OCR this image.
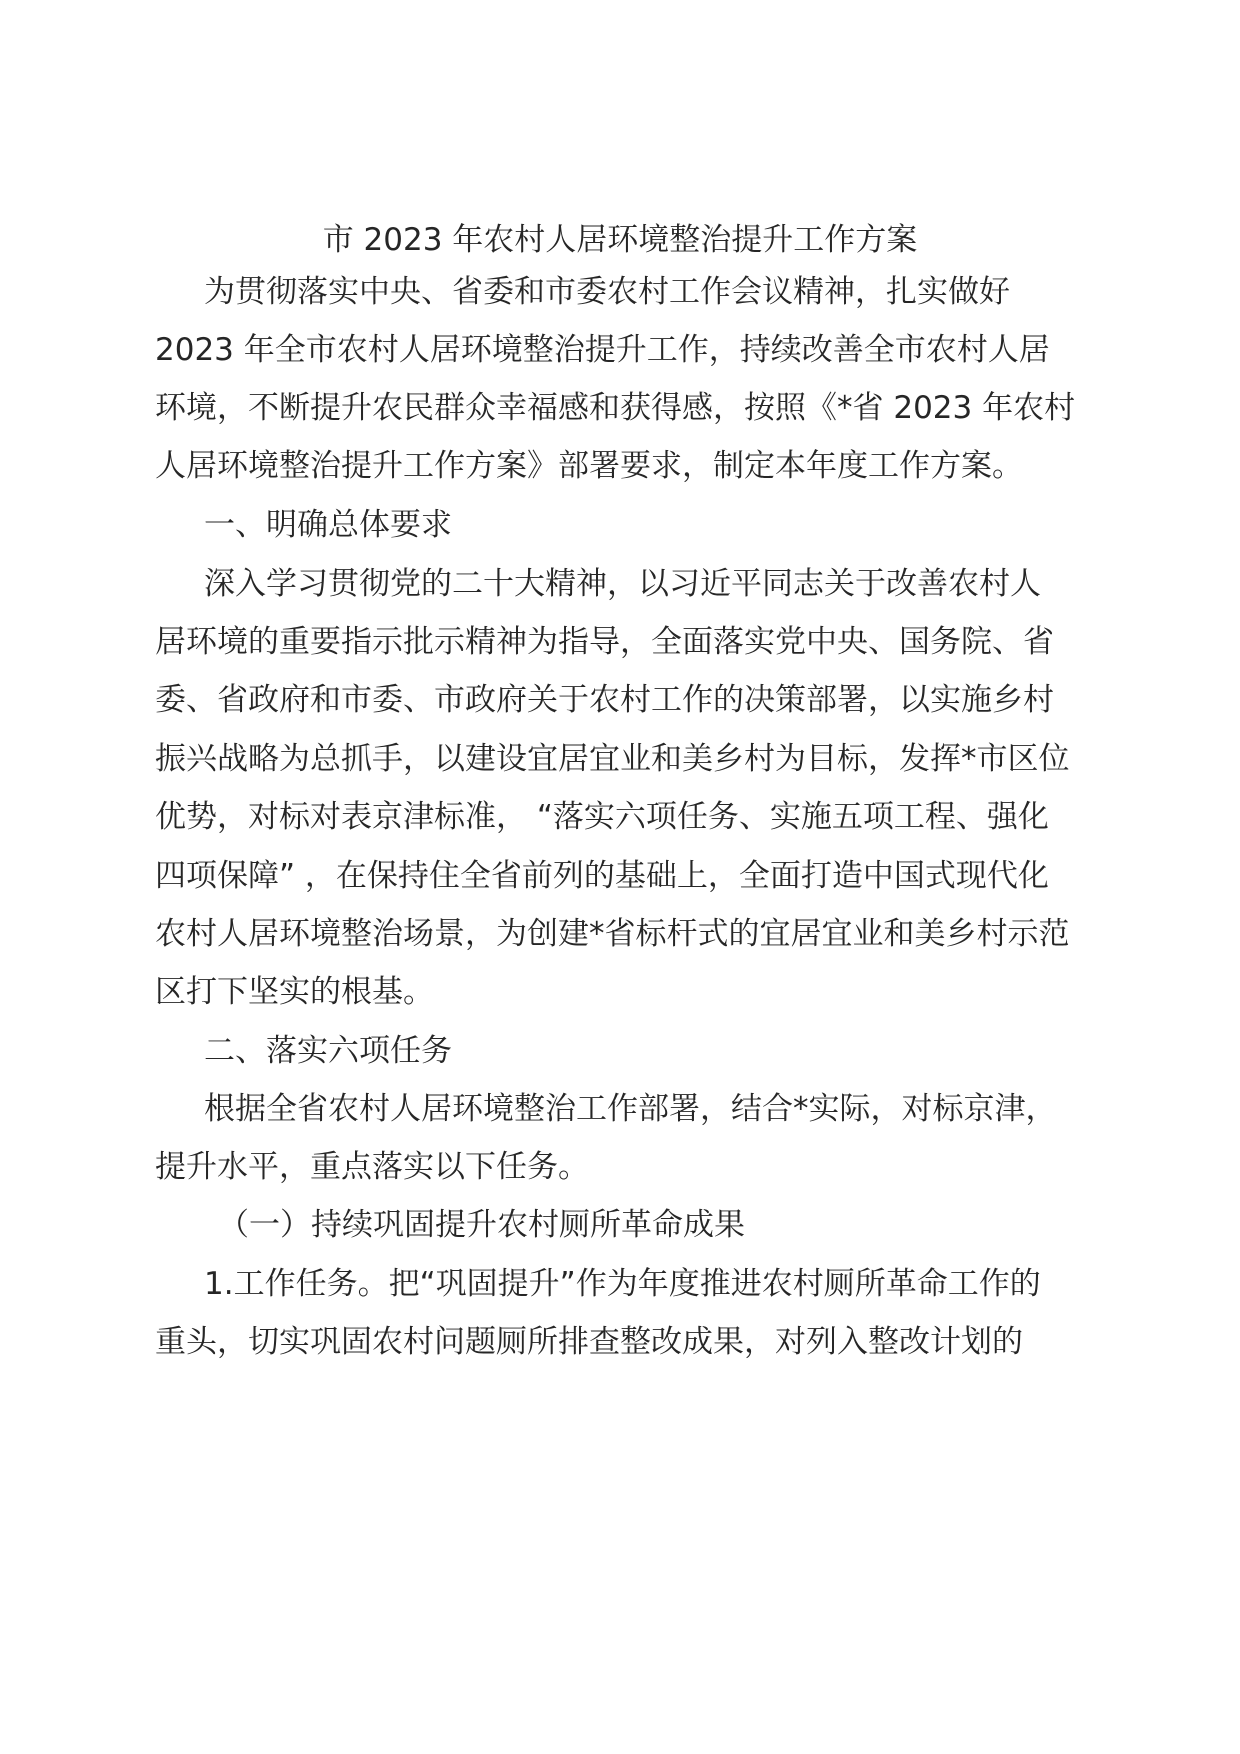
市 2023 年农村人居环境整治提升工作方案
为贯彻落实中央、省委和市委农村工作会议精神，扎实做好
2023 年全市农村人居环境整治提升工作，持续改善全市农村人居
环境，不断提升农民群众幸福感和获得感，按照《*省 2023 年农村
人居环境整治提升工作方案》部署要求，制定本年度工作方案。
一、明确总体要求
深入学习贯彻党的二十大精神，以习近平同志关于改善农村人
居环境的重要指示批示精神为指导，全面落实党中央、国务院、省
委、省政府和市委、市政府关于农村工作的决策部署，以实施乡村
振兴战略为总抓手，以建设宜居宜业和美乡村为目标，发挥*市区位
优势，对标对表京津标准， “落实六项任务、实施五项工程、强化
四项保障” ，在保持住全省前列的基础上，全面打造中国式现代化
农村人居环境整治场景，为创建*省标杆式的宜居宜业和美乡村示范
区打下坚实的根基。
二、落实六项任务
根据全省农村人居环境整治工作部署，结合*实际，对标京津，
提升水平，重点落实以下任务。
（一）持续巩固提升农村厕所革命成果
1.工作任务。把“巩固提升”作为年度推进农村厕所革命工作的
重头，切实巩固农村问题厕所排查整改成果，对列入整改计划的
